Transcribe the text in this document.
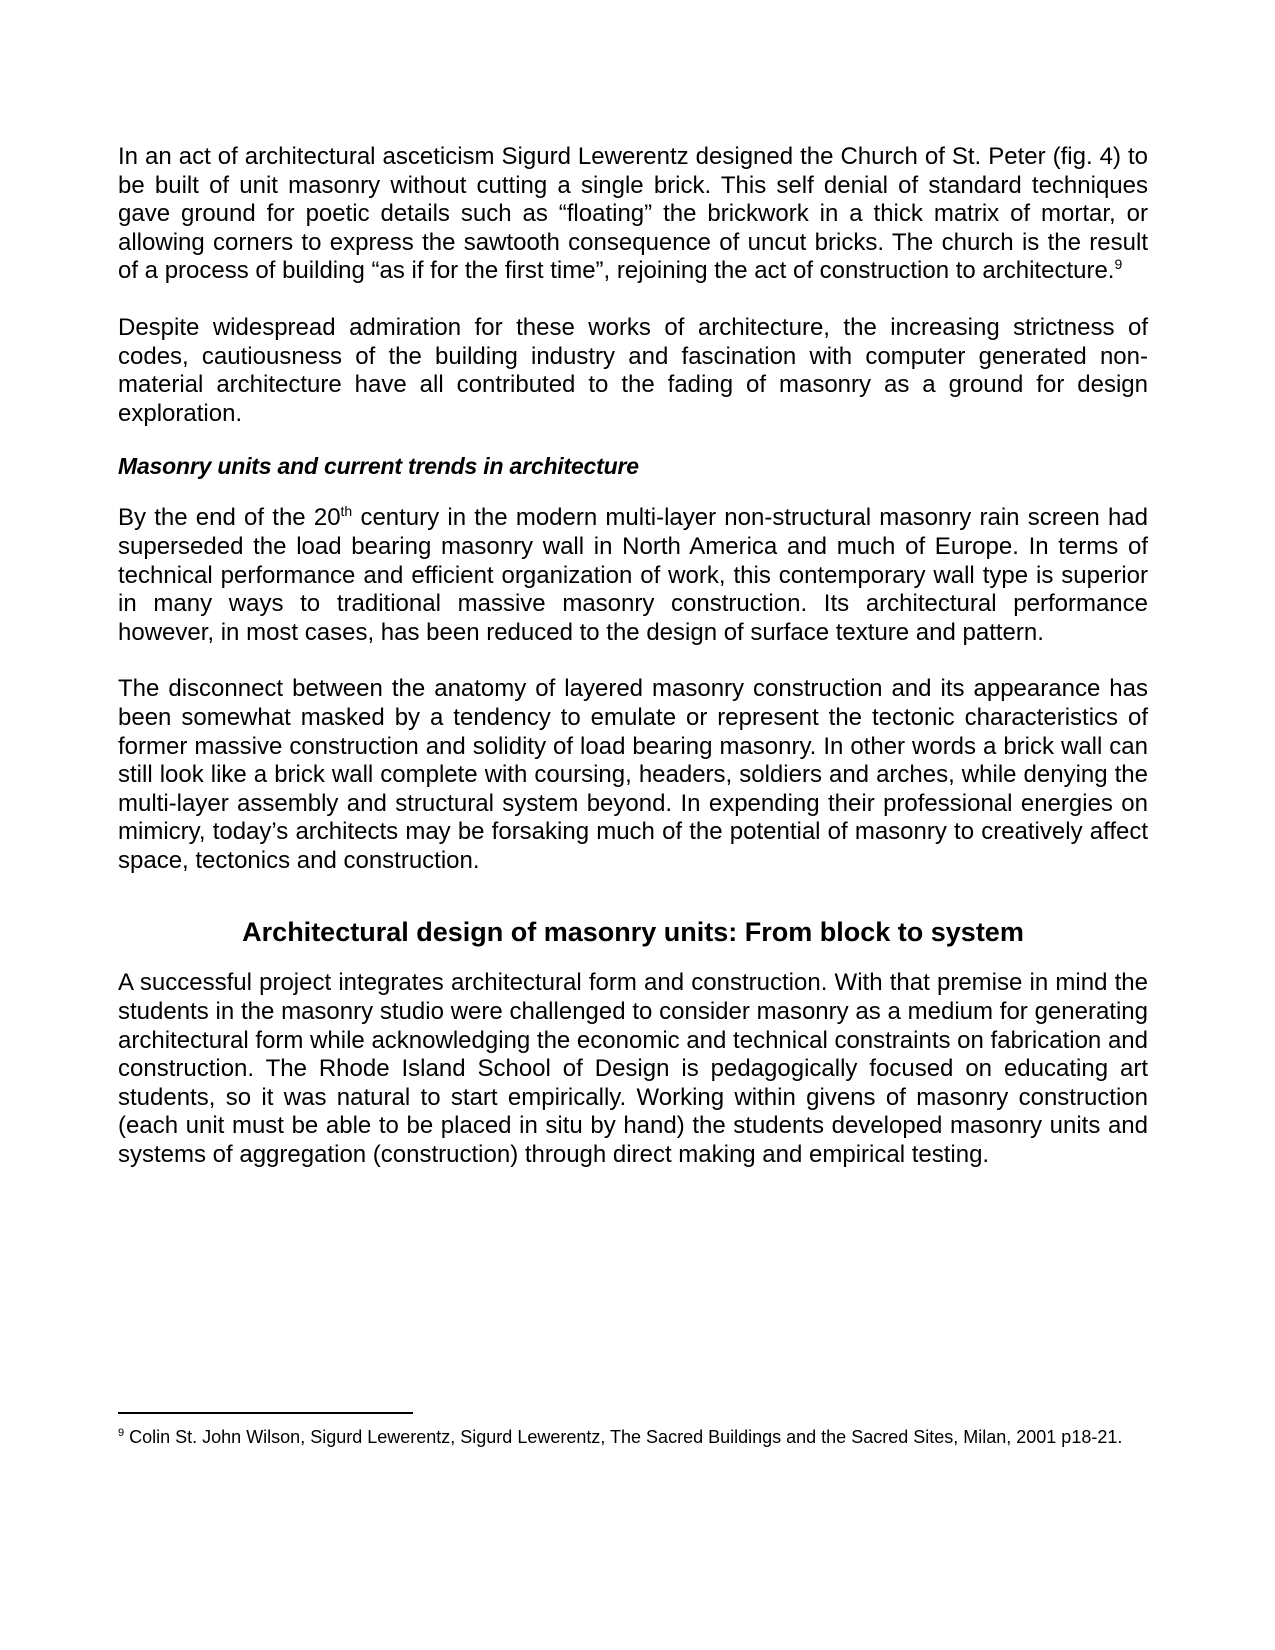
In an act of architectural asceticism Sigurd Lewerentz designed the Church of St. Peter (fig. 4) to be built of unit masonry without cutting a single brick. This self denial of standard techniques gave ground for poetic details such as “floating” the brickwork in a thick matrix of mortar, or allowing corners to express the sawtooth consequence of uncut bricks. The church is the result of a process of building “as if for the first time”, rejoining the act of construction to architecture.$^9$

Despite widespread admiration for these works of architecture, the increasing strictness of codes, cautiousness of the building industry and fascination with computer generated non-material architecture have all contributed to the fading of masonry as a ground for design exploration.

Masonry units and current trends in architecture

By the end of the 20th century in the modern multi-layer non-structural masonry rain screen had superseded the load bearing masonry wall in North America and much of Europe. In terms of technical performance and efficient organization of work, this contemporary wall type is superior in many ways to traditional massive masonry construction. Its architectural performance however, in most cases, has been reduced to the design of surface texture and pattern.

The disconnect between the anatomy of layered masonry construction and its appearance has been somewhat masked by a tendency to emulate or represent the tectonic characteristics of former massive construction and solidity of load bearing masonry. In other words a brick wall can still look like a brick wall complete with coursing, headers, soldiers and arches, while denying the multi-layer assembly and structural system beyond. In expending their professional energies on mimicry, today’s architects may be forsaking much of the potential of masonry to creatively affect space, tectonics and construction.

Architectural design of masonry units: From block to system

A successful project integrates architectural form and construction. With that premise in mind the students in the masonry studio were challenged to consider masonry as a medium for generating architectural form while acknowledging the economic and technical constraints on fabrication and construction. The Rhode Island School of Design is pedagogically focused on educating art students, so it was natural to start empirically. Working within givens of masonry construction (each unit must be able to be placed in situ by hand) the students developed masonry units and systems of aggregation (construction) through direct making and empirical testing.

$^9$ Colin St. John Wilson, Sigurd Lewerentz, Sigurd Lewerentz, The Sacred Buildings and the Sacred Sites, Milan, 2001 p18-21.
